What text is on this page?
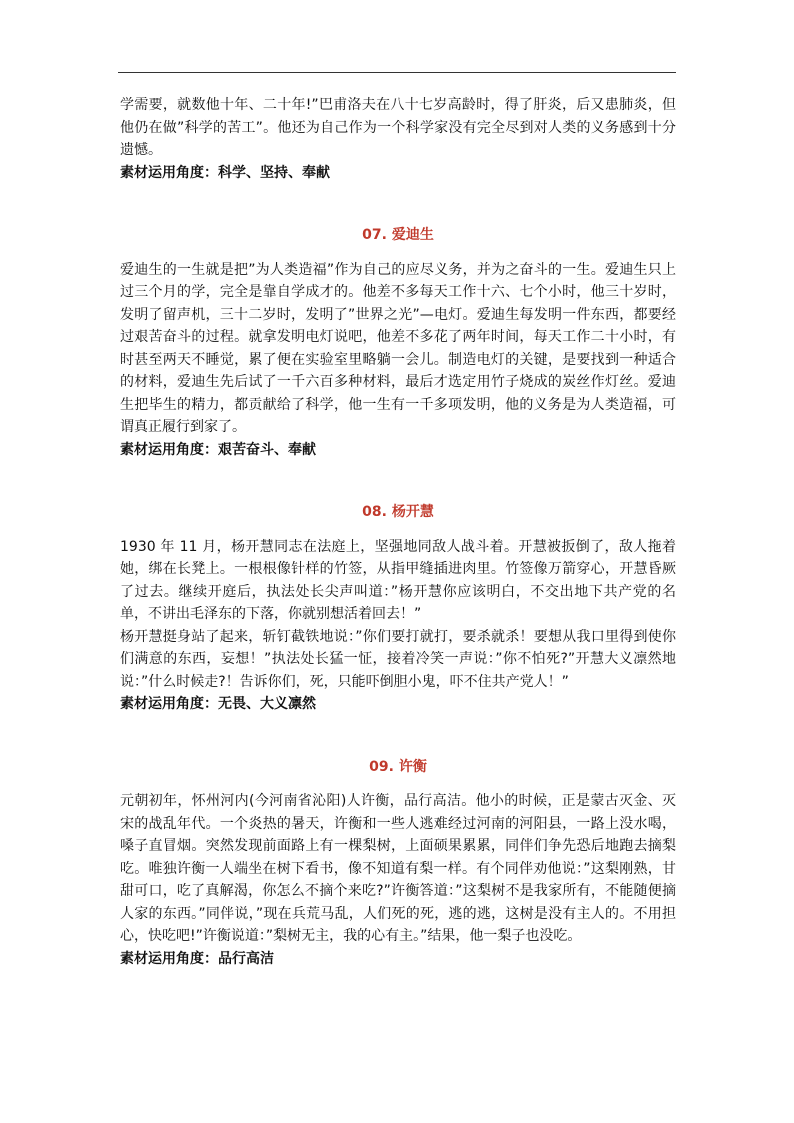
学需要，就数他十年、二十年!”巴甫洛夫在八十七岁高龄时，得了肝炎，后又患肺炎，但他仍在做”科学的苦工”。他还为自己作为一个科学家没有完全尽到对人类的义务感到十分遗憾。

素材运用角度：科学、坚持、奉献

07. 爱迪生

爱迪生的一生就是把”为人类造福”作为自己的应尽义务，并为之奋斗的一生。爱迪生只上过三个月的学，完全是靠自学成才的。他差不多每天工作十六、七个小时，他三十岁时，发明了留声机，三十二岁时，发明了”世界之光”—电灯。爱迪生每发明一件东西，都要经过艰苦奋斗的过程。就拿发明电灯说吧，他差不多花了两年时间，每天工作二十小时，有时甚至两天不睡觉，累了便在实验室里略躺一会儿。制造电灯的关键，是要找到一种适合的材料，爱迪生先后试了一千六百多种材料，最后才选定用竹子烧成的炭丝作灯丝。爱迪生把毕生的精力，都贡献给了科学，他一生有一千多项发明，他的义务是为人类造福，可谓真正履行到家了。

素材运用角度：艰苦奋斗、奉献

08. 杨开慧

1930 年 11 月，杨开慧同志在法庭上，坚强地同敌人战斗着。开慧被扳倒了，敌人拖着她，绑在长凳上。一根根像针样的竹签，从指甲缝插进肉里。竹签像万箭穿心，开慧昏厥了过去。继续开庭后，执法处长尖声叫道：”杨开慧你应该明白，不交出地下共产党的名单，不讲出毛泽东的下落，你就别想活着回去！”

杨开慧挺身站了起来，斩钉截铁地说：”你们要打就打，要杀就杀！要想从我口里得到使你们满意的东西，妄想！”执法处长猛一怔，接着冷笑一声说：”你不怕死?”开慧大义凛然地说：”什么时候走?！告诉你们，死，只能吓倒胆小鬼，吓不住共产党人！”

素材运用角度：无畏、大义凛然

09. 许衡

元朝初年，怀州河内(今河南省沁阳)人许衡，品行高洁。他小的时候，正是蒙古灭金、灭宋的战乱年代。一个炎热的暑天，许衡和一些人逃难经过河南的河阳县，一路上没水喝，嗓子直冒烟。突然发现前面路上有一棵梨树，上面硕果累累，同伴们争先恐后地跑去摘梨吃。唯独许衡一人端坐在树下看书，像不知道有梨一样。有个同伴劝他说：”这梨刚熟，甘甜可口，吃了真解渴，你怎么不摘个来吃?”许衡答道：”这梨树不是我家所有，不能随便摘人家的东西。”同伴说，”现在兵荒马乱，人们死的死，逃的逃，这树是没有主人的。不用担心，快吃吧!”许衡说道：”梨树无主，我的心有主。”结果，他一梨子也没吃。

素材运用角度：品行高洁
